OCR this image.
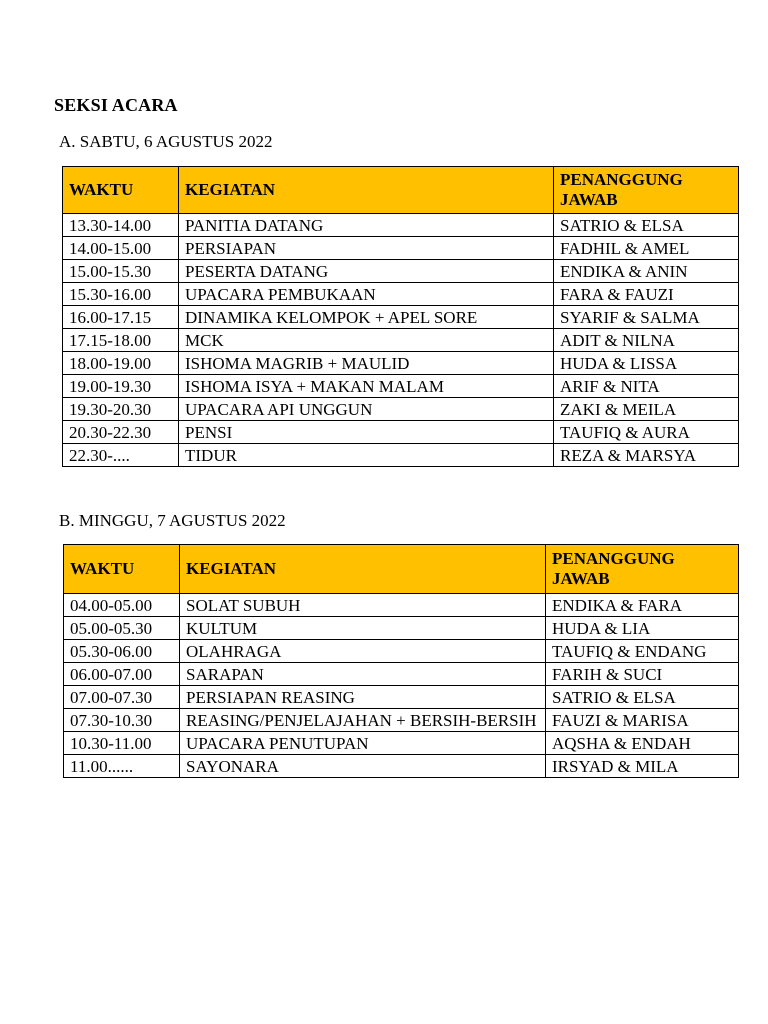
SEKSI ACARA
A. SABTU, 6 AGUSTUS 2022
WAKTU	KEGIATAN	PENANGGUNG JAWAB
13.30-14.00	PANITIA DATANG	SATRIO & ELSA
14.00-15.00	PERSIAPAN	FADHIL & AMEL
15.00-15.30	PESERTA DATANG	ENDIKA & ANIN
15.30-16.00	UPACARA PEMBUKAAN	FARA & FAUZI
16.00-17.15	DINAMIKA KELOMPOK + APEL SORE	SYARIF & SALMA
17.15-18.00	MCK	ADIT & NILNA
18.00-19.00	ISHOMA MAGRIB + MAULID	HUDA & LISSA
19.00-19.30	ISHOMA ISYA + MAKAN MALAM	ARIF & NITA
19.30-20.30	UPACARA API UNGGUN	ZAKI & MEILA
20.30-22.30	PENSI	TAUFIQ & AURA
22.30-....	TIDUR	REZA & MARSYA
B. MINGGU, 7 AGUSTUS 2022
WAKTU	KEGIATAN	PENANGGUNG JAWAB
04.00-05.00	SOLAT SUBUH	ENDIKA & FARA
05.00-05.30	KULTUM	HUDA & LIA
05.30-06.00	OLAHRAGA	TAUFIQ & ENDANG
06.00-07.00	SARAPAN	FARIH & SUCI
07.00-07.30	PERSIAPAN REASING	SATRIO & ELSA
07.30-10.30	REASING/PENJELAJAHAN + BERSIH-BERSIH	FAUZI & MARISA
10.30-11.00	UPACARA PENUTUPAN	AQSHA & ENDAH
11.00......	SAYONARA	IRSYAD & MILA
